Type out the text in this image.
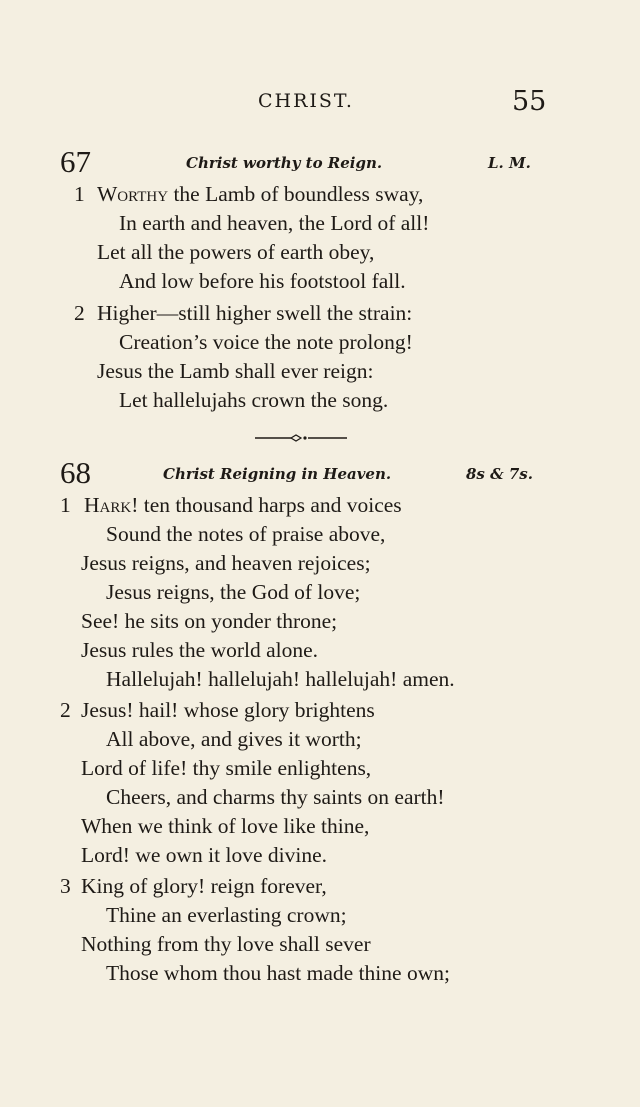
CHRIST.	55
67	Christ worthy to Reign.	L. M.
1 Worthy the Lamb of boundless sway,
In earth and heaven, the Lord of all!
Let all the powers of earth obey,
And low before his footstool fall.
2 Higher—still higher swell the strain:
Creation’s voice the note prolong!
Jesus the Lamb shall ever reign:
Let hallelujahs crown the song.
68	Christ Reigning in Heaven.	8s & 7s.
1 Hark! ten thousand harps and voices
Sound the notes of praise above,
Jesus reigns, and heaven rejoices;
Jesus reigns, the God of love;
See! he sits on yonder throne;
Jesus rules the world alone.
Hallelujah! hallelujah! hallelujah! amen.
2 Jesus! hail! whose glory brightens
All above, and gives it worth;
Lord of life! thy smile enlightens,
Cheers, and charms thy saints on earth!
When we think of love like thine,
Lord! we own it love divine.
3 King of glory! reign forever,
Thine an everlasting crown;
Nothing from thy love shall sever
Those whom thou hast made thine own;
